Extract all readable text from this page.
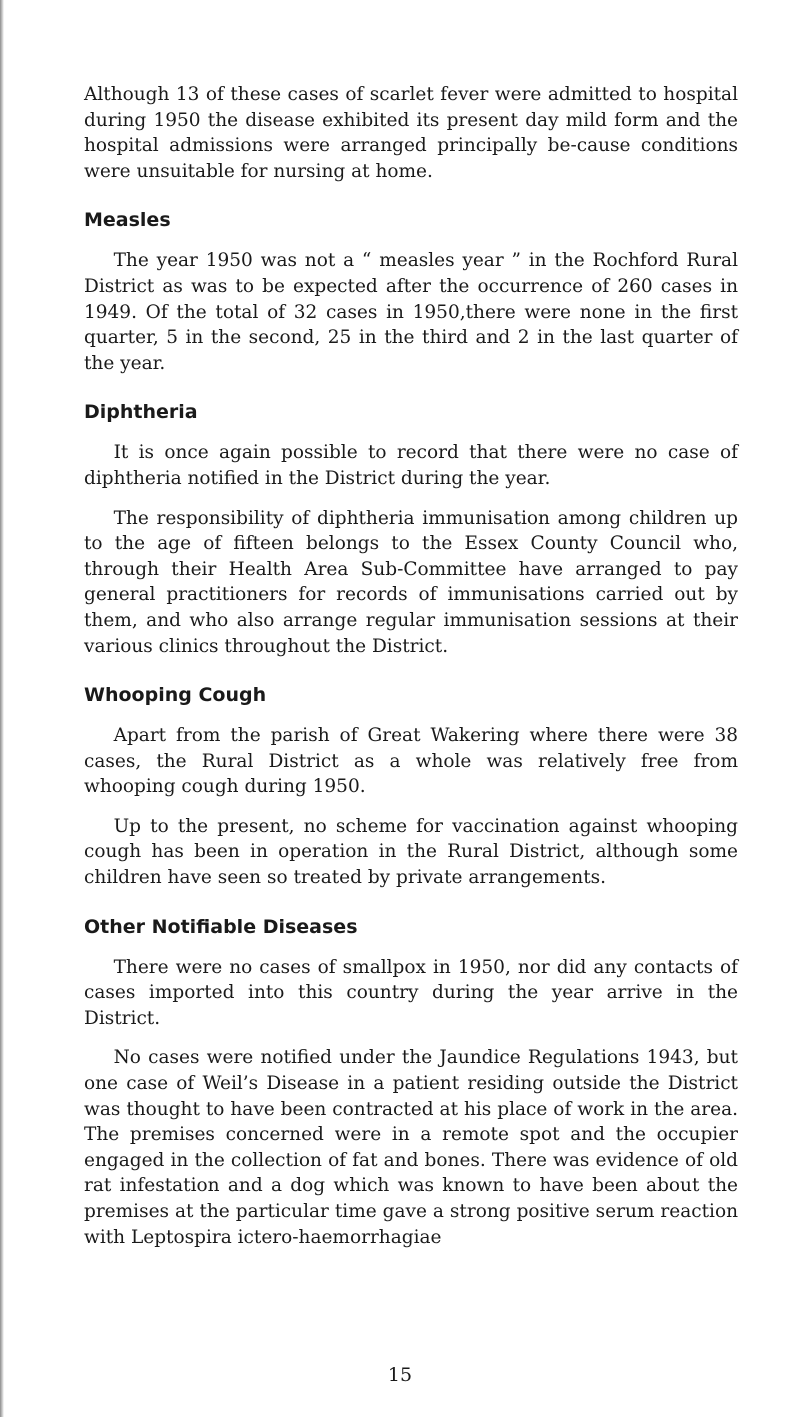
Although 13 of these cases of scarlet fever were admitted to hospital during 1950 the disease exhibited its present day mild form and the hospital admissions were arranged principally be-cause conditions were unsuitable for nursing at home.

Measles

The year 1950 was not a “ measles year ” in the Rochford Rural District as was to be expected after the occurrence of 260 cases in 1949. Of the total of 32 cases in 1950,there were none in the first quarter, 5 in the second, 25 in the third and 2 in the last quarter of the year.

Diphtheria

It is once again possible to record that there were no case of diphtheria notified in the District during the year.

The responsibility of diphtheria immunisation among children up to the age of fifteen belongs to the Essex County Council who, through their Health Area Sub-Committee have arranged to pay general practitioners for records of immunisations carried out by them, and who also arrange regular immunisation sessions at their various clinics throughout the District.

Whooping Cough

Apart from the parish of Great Wakering where there were 38 cases, the Rural District as a whole was relatively free from whooping cough during 1950.

Up to the present, no scheme for vaccination against whooping cough has been in operation in the Rural District, although some children have seen so treated by private arrangements.

Other Notifiable Diseases

There were no cases of smallpox in 1950, nor did any contacts of cases imported into this country during the year arrive in the District.

No cases were notified under the Jaundice Regulations 1943, but one case of Weil’s Disease in a patient residing outside the District was thought to have been contracted at his place of work in the area. The premises concerned were in a remote spot and the occupier engaged in the collection of fat and bones. There was evidence of old rat infestation and a dog which was known to have been about the premises at the particular time gave a strong positive serum reaction with Leptospira ictero-haemorrhagiae

15
